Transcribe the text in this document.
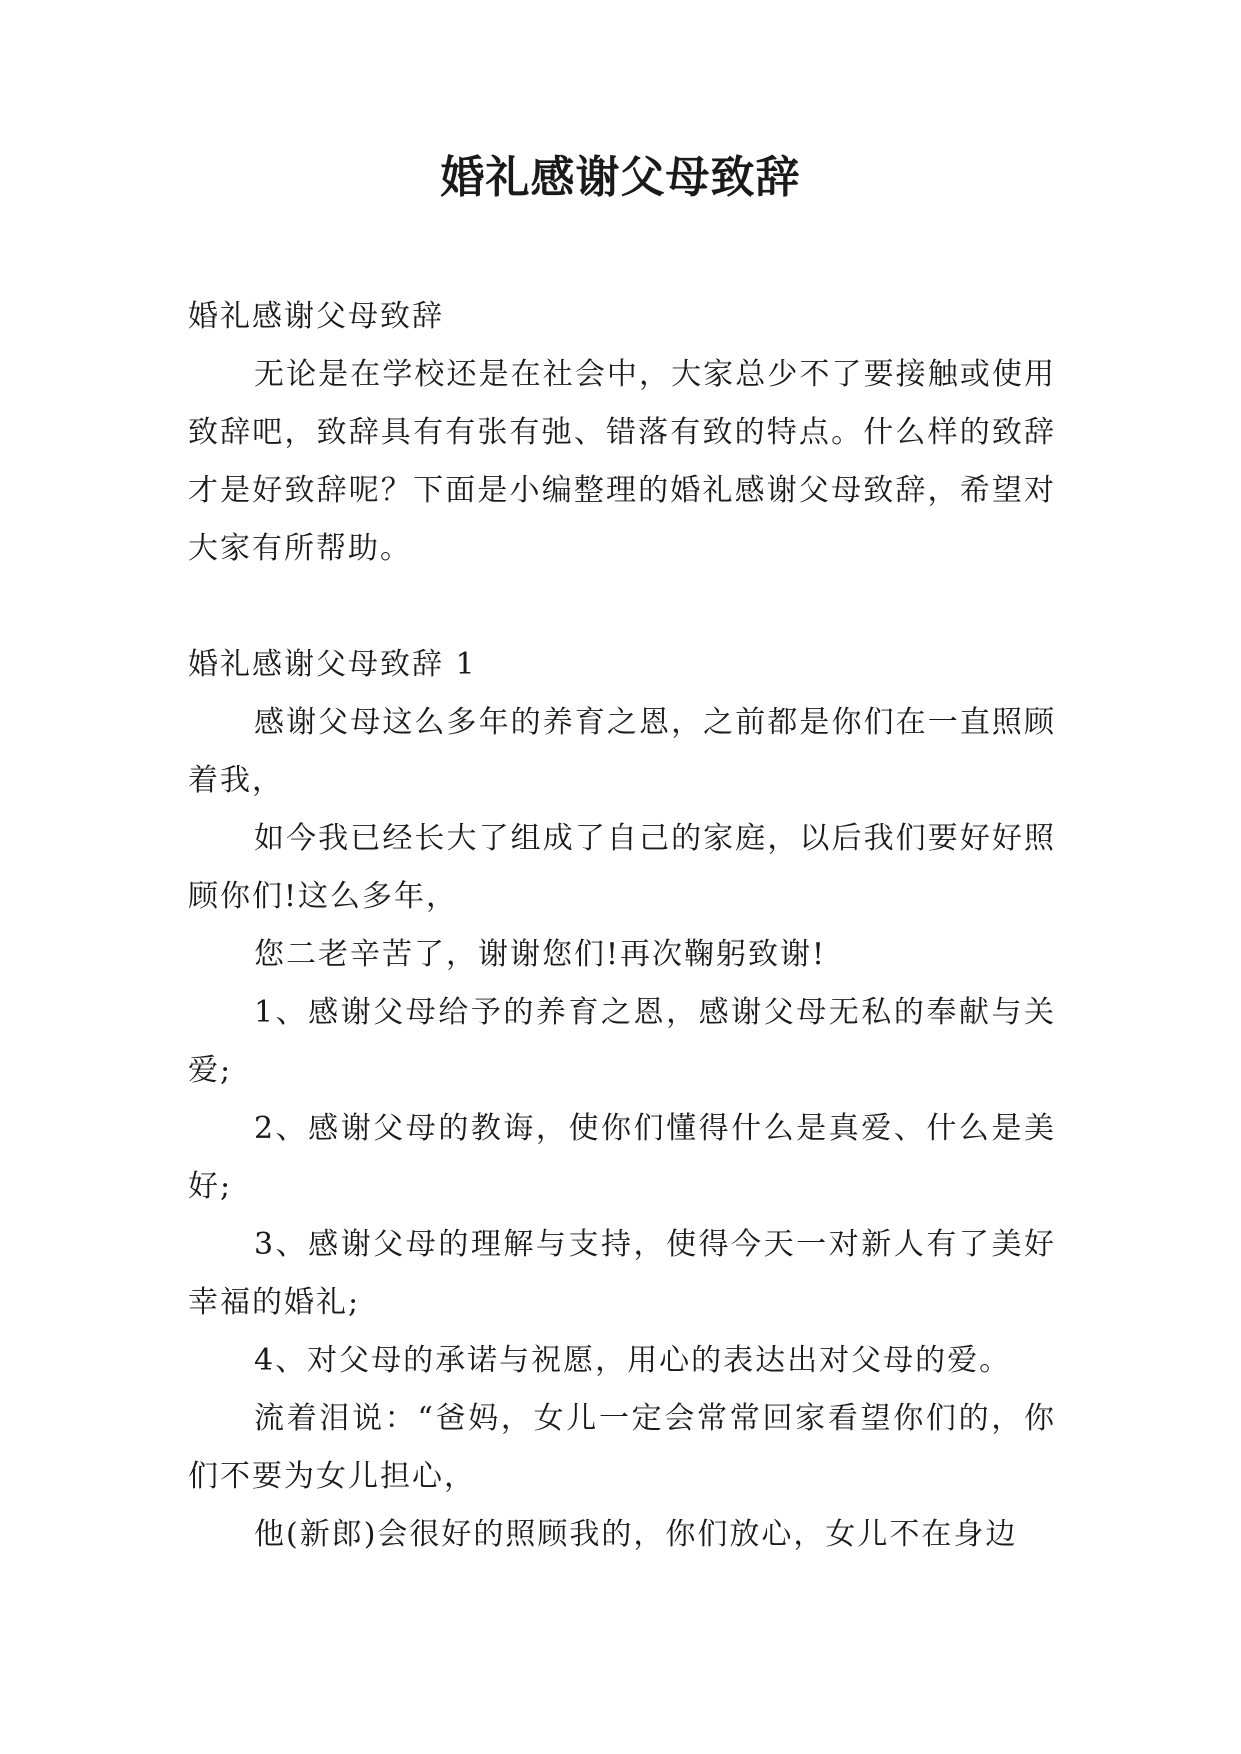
婚礼感谢父母致辞

婚礼感谢父母致辞

无论是在学校还是在社会中，大家总少不了要接触或使用致辞吧，致辞具有有张有弛、错落有致的特点。什么样的致辞才是好致辞呢？下面是小编整理的婚礼感谢父母致辞，希望对大家有所帮助。

婚礼感谢父母致辞 1

感谢父母这么多年的养育之恩，之前都是你们在一直照顾着我，

如今我已经长大了组成了自己的家庭，以后我们要好好照顾你们!这么多年，

您二老辛苦了，谢谢您们!再次鞠躬致谢!

1、感谢父母给予的养育之恩，感谢父母无私的奉献与关爱;

2、感谢父母的教诲，使你们懂得什么是真爱、什么是美好;

3、感谢父母的理解与支持，使得今天一对新人有了美好幸福的婚礼;

4、对父母的承诺与祝愿，用心的表达出对父母的爱。

流着泪说：“爸妈，女儿一定会常常回家看望你们的，你们不要为女儿担心，

他(新郎)会很好的照顾我的，你们放心，女儿不在身边
